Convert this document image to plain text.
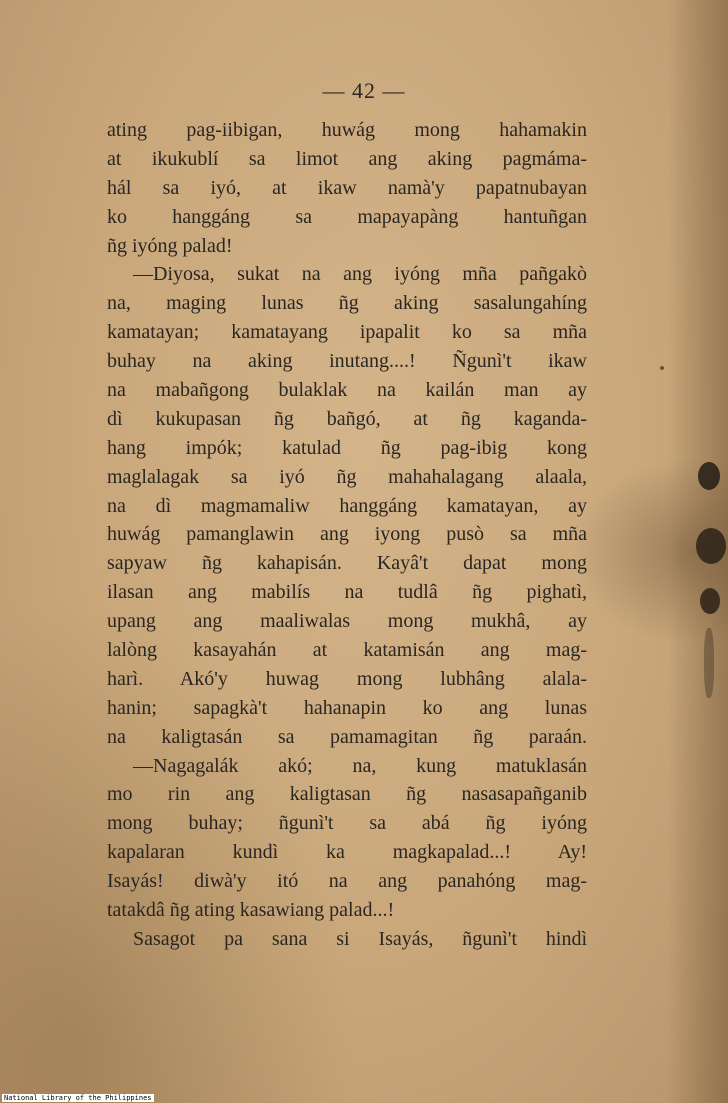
— 42 —
ating pag-iibigan, huwág mong hahamakin
at ikukublí sa limot ang aking pagmáma-
hál sa iyó, at ikaw namà'y papatnubayan
ko hanggáng sa mapayapàng hantuñgan
ñg iyóng palad!
—Diyosa, sukat na ang iyóng mña pañgakò
na, maging lunas ñg aking sasalungahíng
kamatayan; kamatayang ipapalit ko sa mña
buhay na aking inutang....! Ñgunì't ikaw
na mabañgong bulaklak na kailán man ay
dì kukupasan ñg bañgó, at ñg kaganda-
hang impók; katulad ñg pag-ibig kong
maglalagak sa iyó ñg mahahalagang alaala,
na dì magmamaliw hanggáng kamatayan, ay
huwág pamanglawin ang iyong pusò sa mña
sapyaw ñg kahapisán. Kayâ't dapat mong
ilasan ang mabilís na tudlâ ñg pighatì,
upang ang maaliwalas mong mukhâ, ay
lalòng kasayahán at katamisán ang mag-
harì. Akó'y huwag mong lubhâng alala-
hanin; sapagkà't hahanapin ko ang lunas
na kaligtasán sa pamamagitan ñg paraán.
—Nagagalák akó; na, kung matuklasán
mo rin ang kaligtasan ñg nasasapañganib
mong buhay; ñgunì't sa abá ñg iyóng
kapalaran kundì ka magkapalad...! Ay!
Isayás! diwà'y itó na ang panahóng mag-
tatakdâ ñg ating kasawiang palad...!
Sasagot pa sana si Isayás, ñgunì't hindì
National Library of the Philippines
